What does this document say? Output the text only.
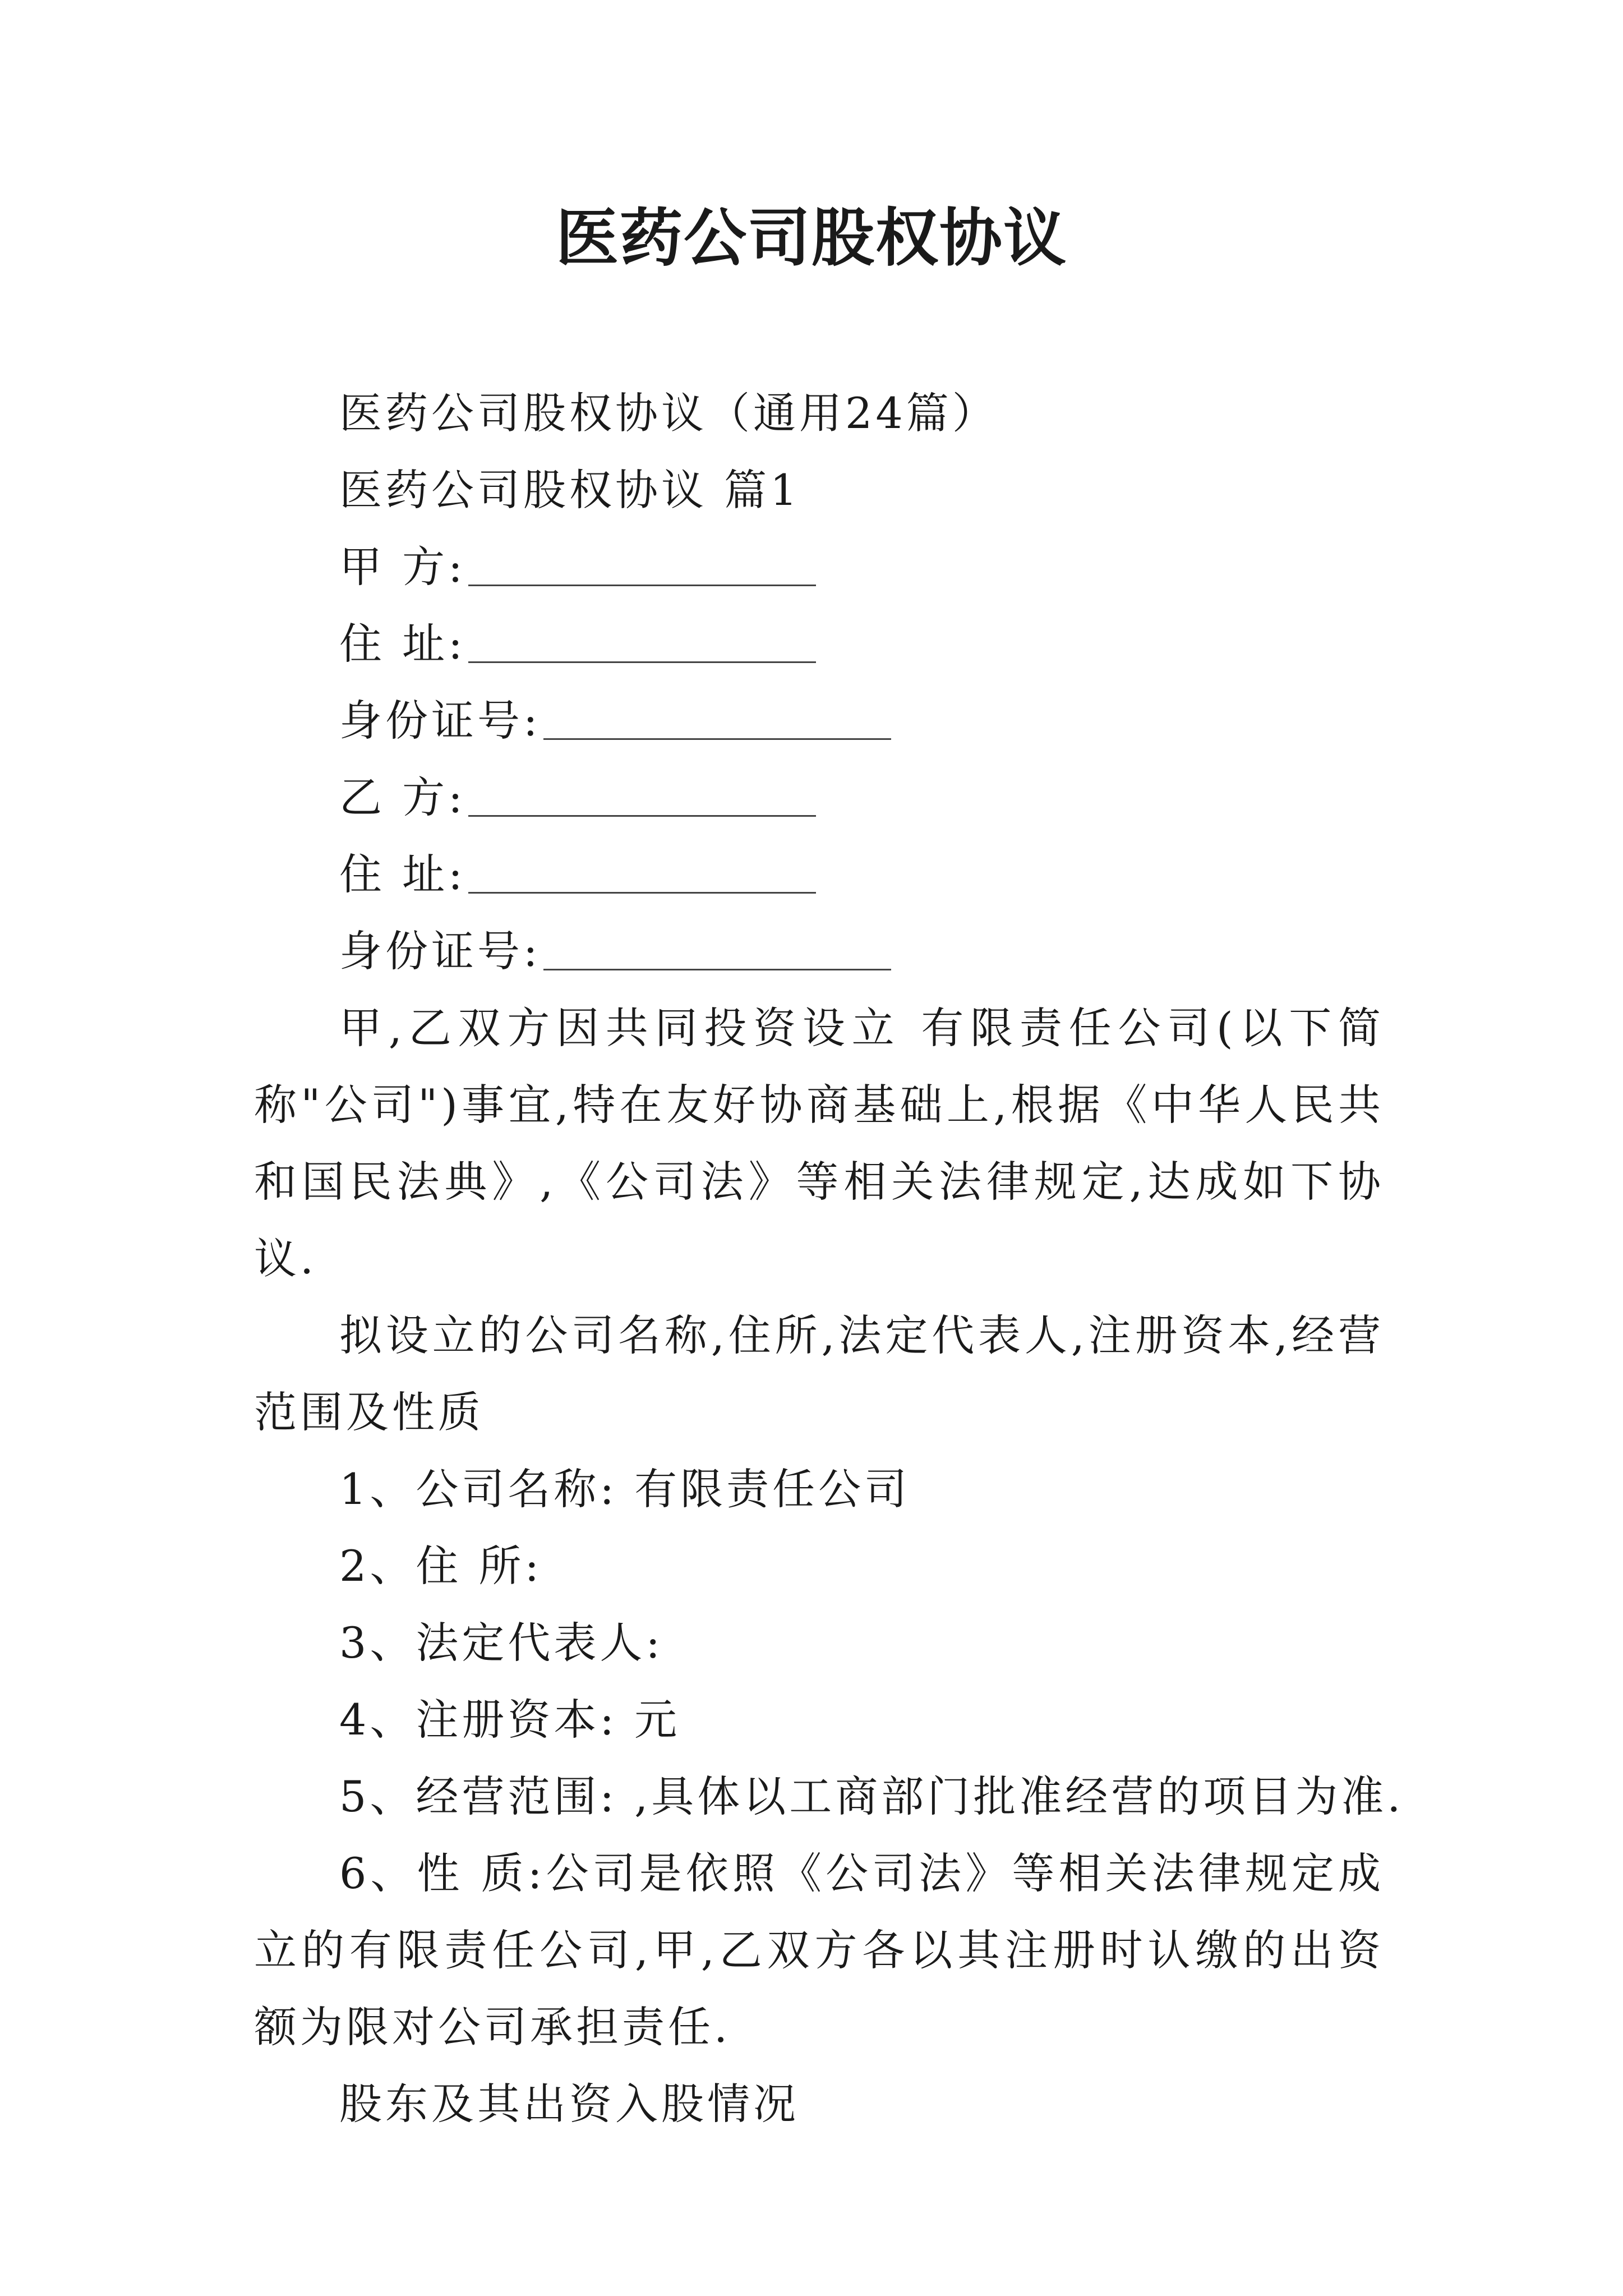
医药公司股权协议

医药公司股权协议（通用24篇）

医药公司股权协议 篇1

甲 方:

住 址:

身份证号:

乙 方:

住 址:

身份证号:

甲,乙双方因共同投资设立 有限责任公司(以下简称"公司")事宜,特在友好协商基础上,根据《中华人民共和国民法典》,《公司法》等相关法律规定,达成如下协议.

拟设立的公司名称,住所,法定代表人,注册资本,经营范围及性质

1、公司名称: 有限责任公司

2、住 所:

3、法定代表人:

4、注册资本: 元

5、经营范围: ,具体以工商部门批准经营的项目为准.

6、性 质:公司是依照《公司法》等相关法律规定成立的有限责任公司,甲,乙双方各以其注册时认缴的出资额为限对公司承担责任.

股东及其出资入股情况
